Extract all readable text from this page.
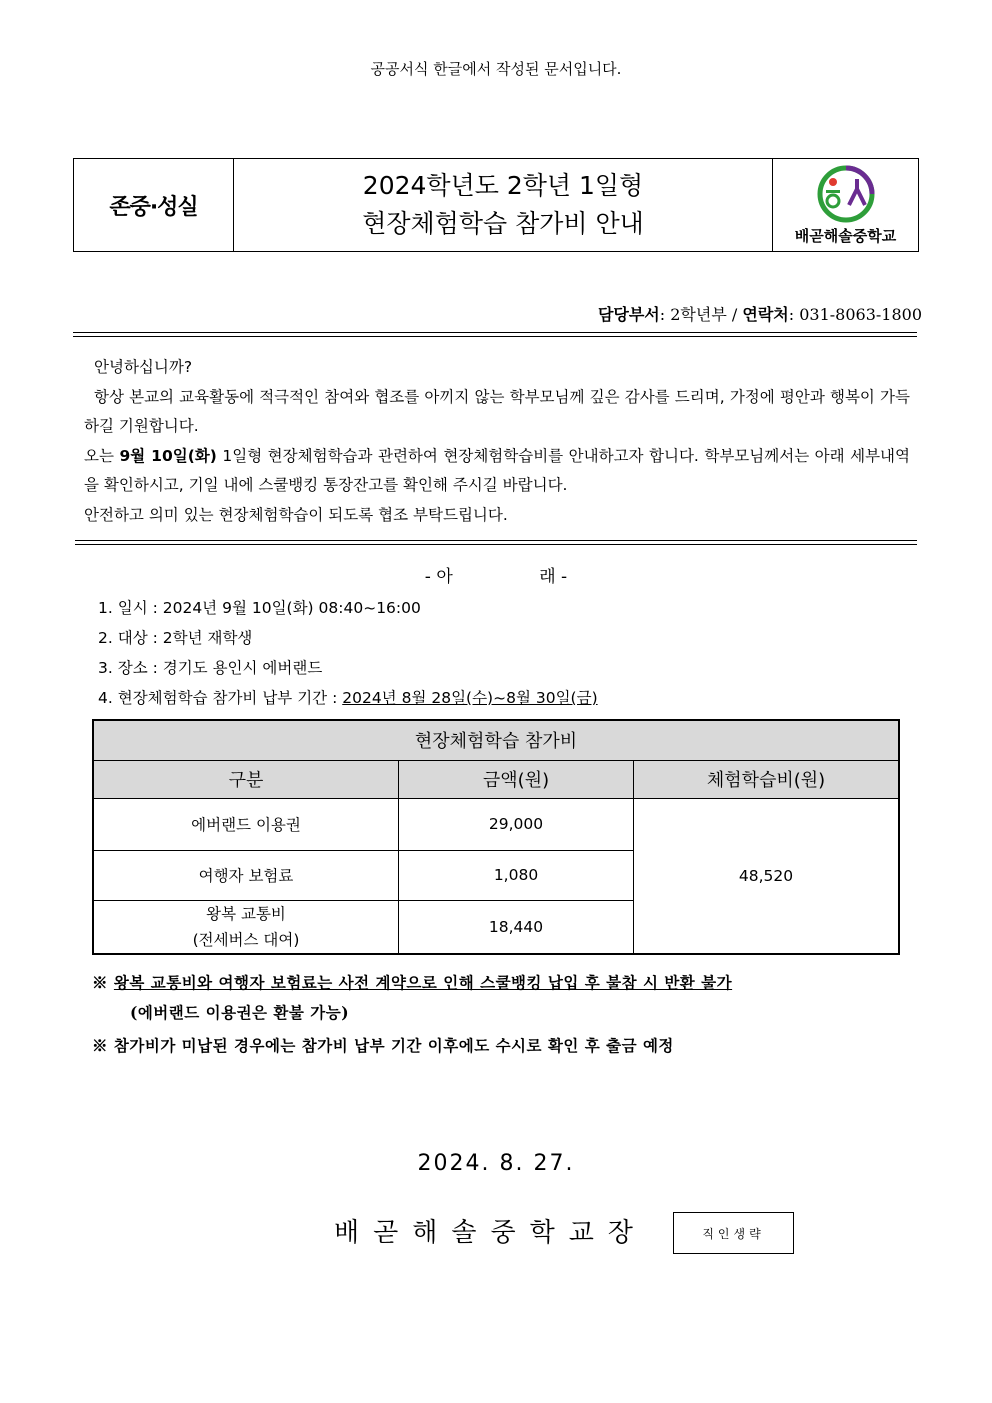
공공서식 한글에서 작성된 문서입니다.
존중·성실
2024학년도 2학년 1일형
현장체험학습 참가비 안내	배곧해솔중학교
담당부서: 2학년부 / 연락처: 031-8063-1800

안녕하십니까?

항상 본교의 교육활동에 적극적인 참여와 협조를 아끼지 않는 학부모님께 깊은 감사를 드리며, 가정에 평안과 행복이 가득하길 기원합니다.

오는 9월 10일(화) 1일형 현장체험학습과 관련하여 현장체험학습비를 안내하고자 합니다. 학부모님께서는 아래 세부내역을 확인하시고, 기일 내에 스쿨뱅킹 통장잔고를 확인해 주시길 바랍니다.

안전하고 의미 있는 현장체험학습이 되도록 협조 부탁드립니다.

- 아                래 -
1. 일시 : 2024년 9월 10일(화) 08:40~16:00
2. 대상 : 2학년 재학생
3. 장소 : 경기도 용인시 에버랜드
4. 현장체험학습 참가비 납부 기간 : 2024년 8월 28일(수)~8월 30일(금)
현장체험학습 참가비		
구분	금액(원)	체험학습비(원)
에버랜드 이용권	29,000	48,520
여행자 보험료	1,080	

왕복 교통비
(전세버스 대여)	18,440	
※ 왕복 교통비와 여행자 보험료는 사전 계약으로 인해 스쿨뱅킹 납입 후 불참 시 반환 불가
(에버랜드 이용권은 환불 가능)
※ 참가비가 미납된 경우에는 참가비 납부 기간 이후에도 수시로 확인 후 출금 예정
2024. 8. 27.
배곧해솔중학교장	직인생략
